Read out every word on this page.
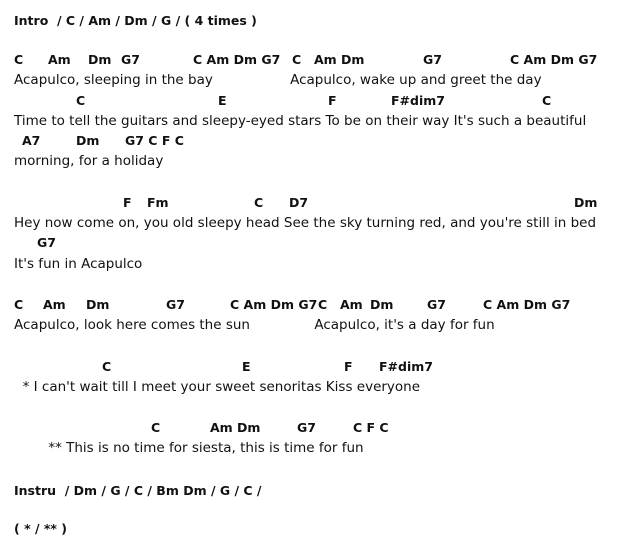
Intro  / C / Am / Dm / G / ( 4 times )
C Am Dm G7	C Am Dm G7 C Am Dm	G7	C Am Dm G7
Acapulco, sleeping in the bay                  Acapulco, wake up and greet the day
C	E	F	F#dim7	C
Time to tell the guitars and sleepy-eyed stars To be on their way It's such a beautiful
A7	Dm G7 C F C
morning, for a holiday
F Fm	C D7	Dm
Hey now come on, you old sleepy head See the sky turning red, and you're still in bed
G7
It's fun in Acapulco
C Am Dm	G7	C Am Dm G7 C Am Dm	G7	C Am Dm G7
Acapulco, look here comes the sun               Acapulco, it's a day for fun
C	E	F F#dim7
* I can't wait till I meet your sweet senoritas Kiss everyone
C	Am Dm	G7	C F C
** This is no time for siesta, this is time for fun
Instru  / Dm / G / C / Bm Dm / G / C /
( * / ** )
